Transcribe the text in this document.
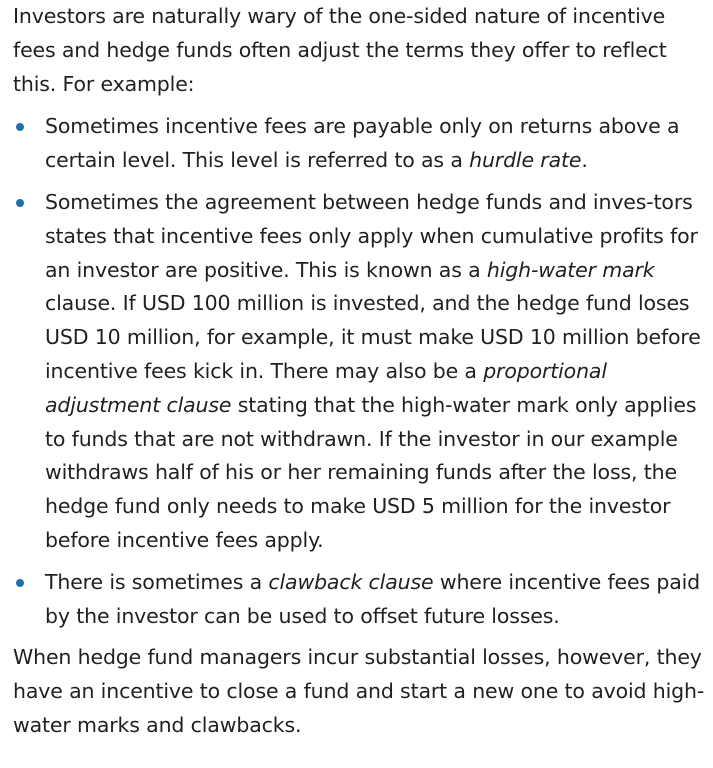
Investors are naturally wary of the one-sided nature of incentive fees and hedge funds often adjust the terms they offer to reflect this. For example:

Sometimes incentive fees are payable only on returns above a certain level. This level is referred to as a hurdle rate.
Sometimes the agreement between hedge funds and inves-tors states that incentive fees only apply when cumulative profits for an investor are positive. This is known as a high-water mark clause. If USD 100 million is invested, and the hedge fund loses USD 10 million, for example, it must make USD 10 million before incentive fees kick in. There may also be a proportional adjustment clause stating that the high-water mark only applies to funds that are not withdrawn. If the investor in our example withdraws half of his or her remaining funds after the loss, the hedge fund only needs to make USD 5 million for the investor before incentive fees apply.
There is sometimes a clawback clause where incentive fees paid by the investor can be used to offset future losses.

When hedge fund managers incur substantial losses, however, they have an incentive to close a fund and start a new one to avoid high-water marks and clawbacks.
